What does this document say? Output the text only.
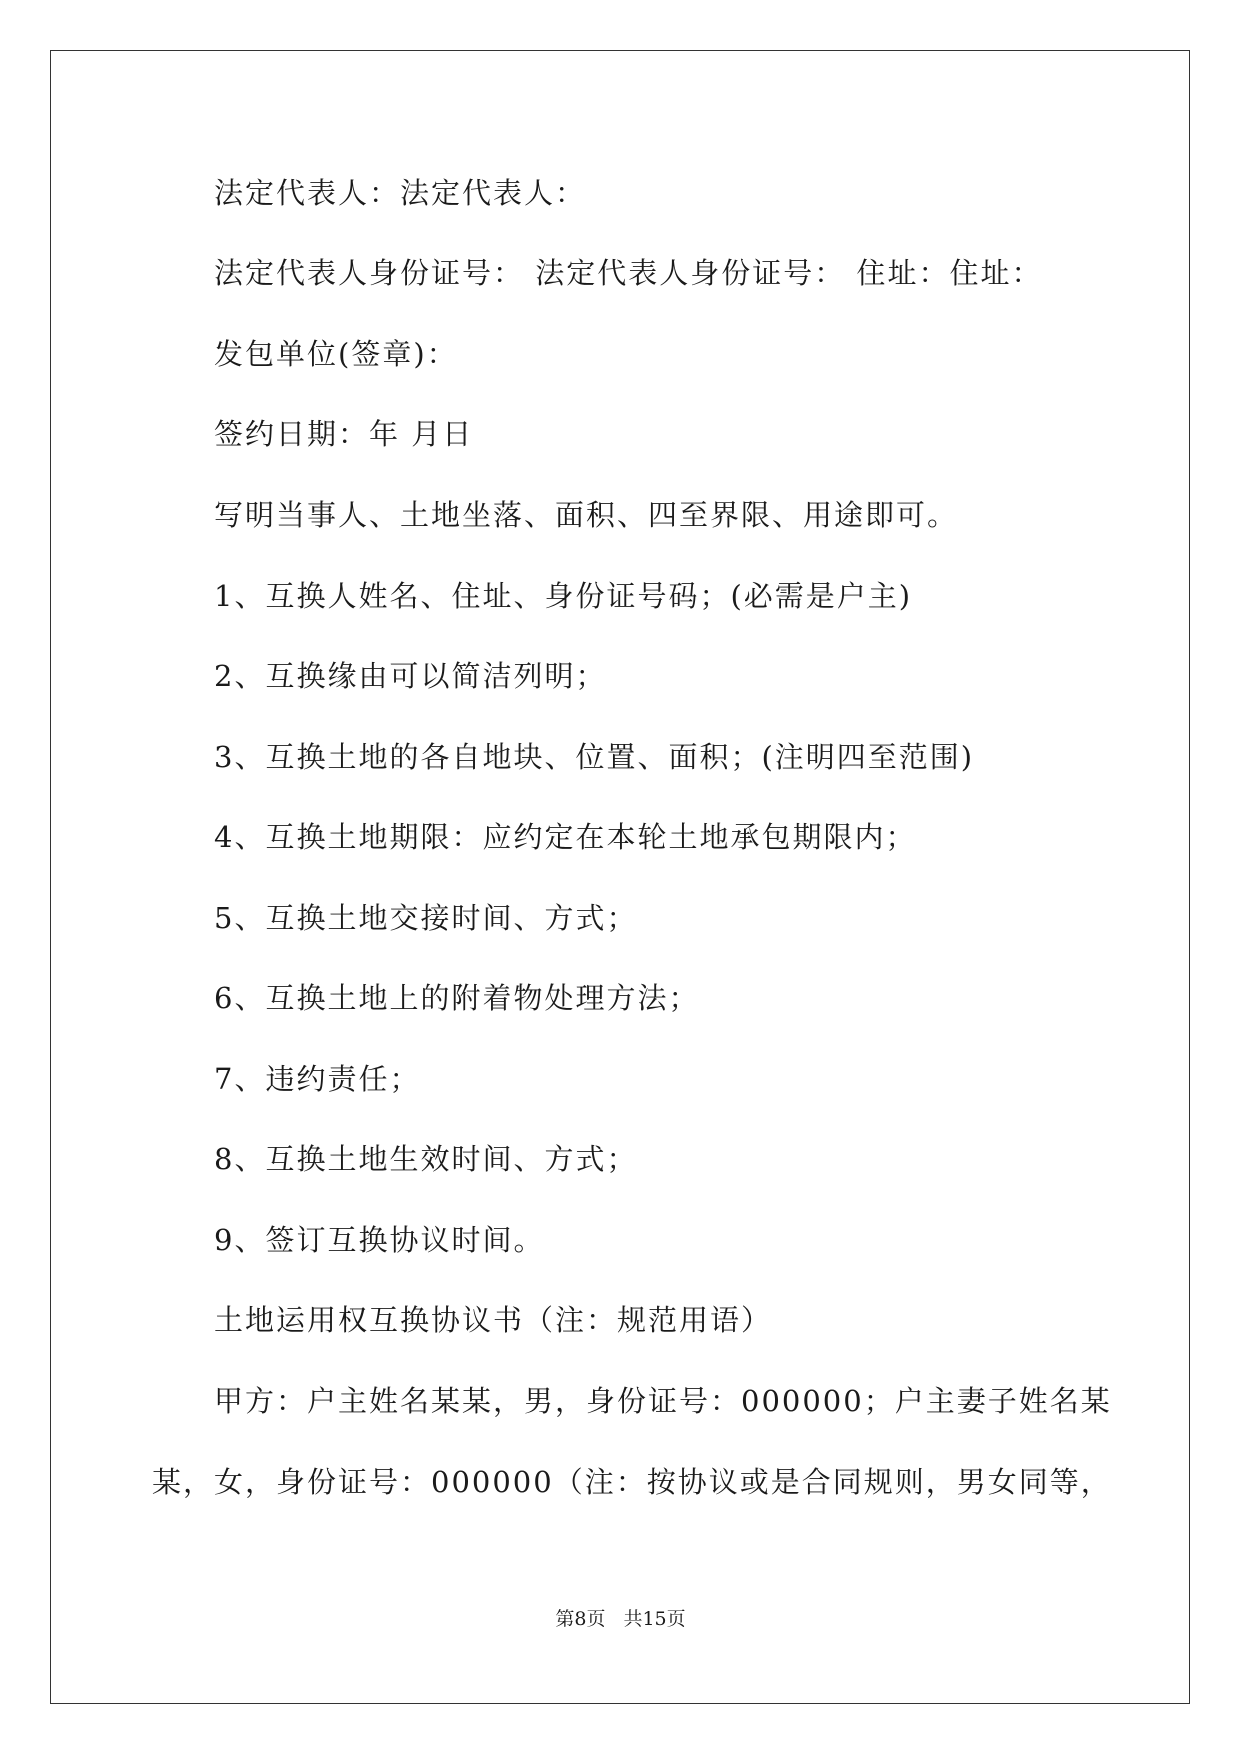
法定代表人：法定代表人：
法定代表人身份证号： 法定代表人身份证号： 住址：住址：
发包单位(签章)：
签约日期：年 月日
写明当事人、土地坐落、面积、四至界限、用途即可。
1、互换人姓名、住址、身份证号码；(必需是户主)
2、互换缘由可以简洁列明；
3、互换土地的各自地块、位置、面积；(注明四至范围)
4、互换土地期限：应约定在本轮土地承包期限内；
5、互换土地交接时间、方式；
6、互换土地上的附着物处理方法；
7、违约责任；
8、互换土地生效时间、方式；
9、签订互换协议时间。
土地运用权互换协议书（注：规范用语）
甲方：户主姓名某某，男，身份证号：000000；户主妻子姓名某
某，女，身份证号：000000（注：按协议或是合同规则，男女同等，
第8页 共15页
